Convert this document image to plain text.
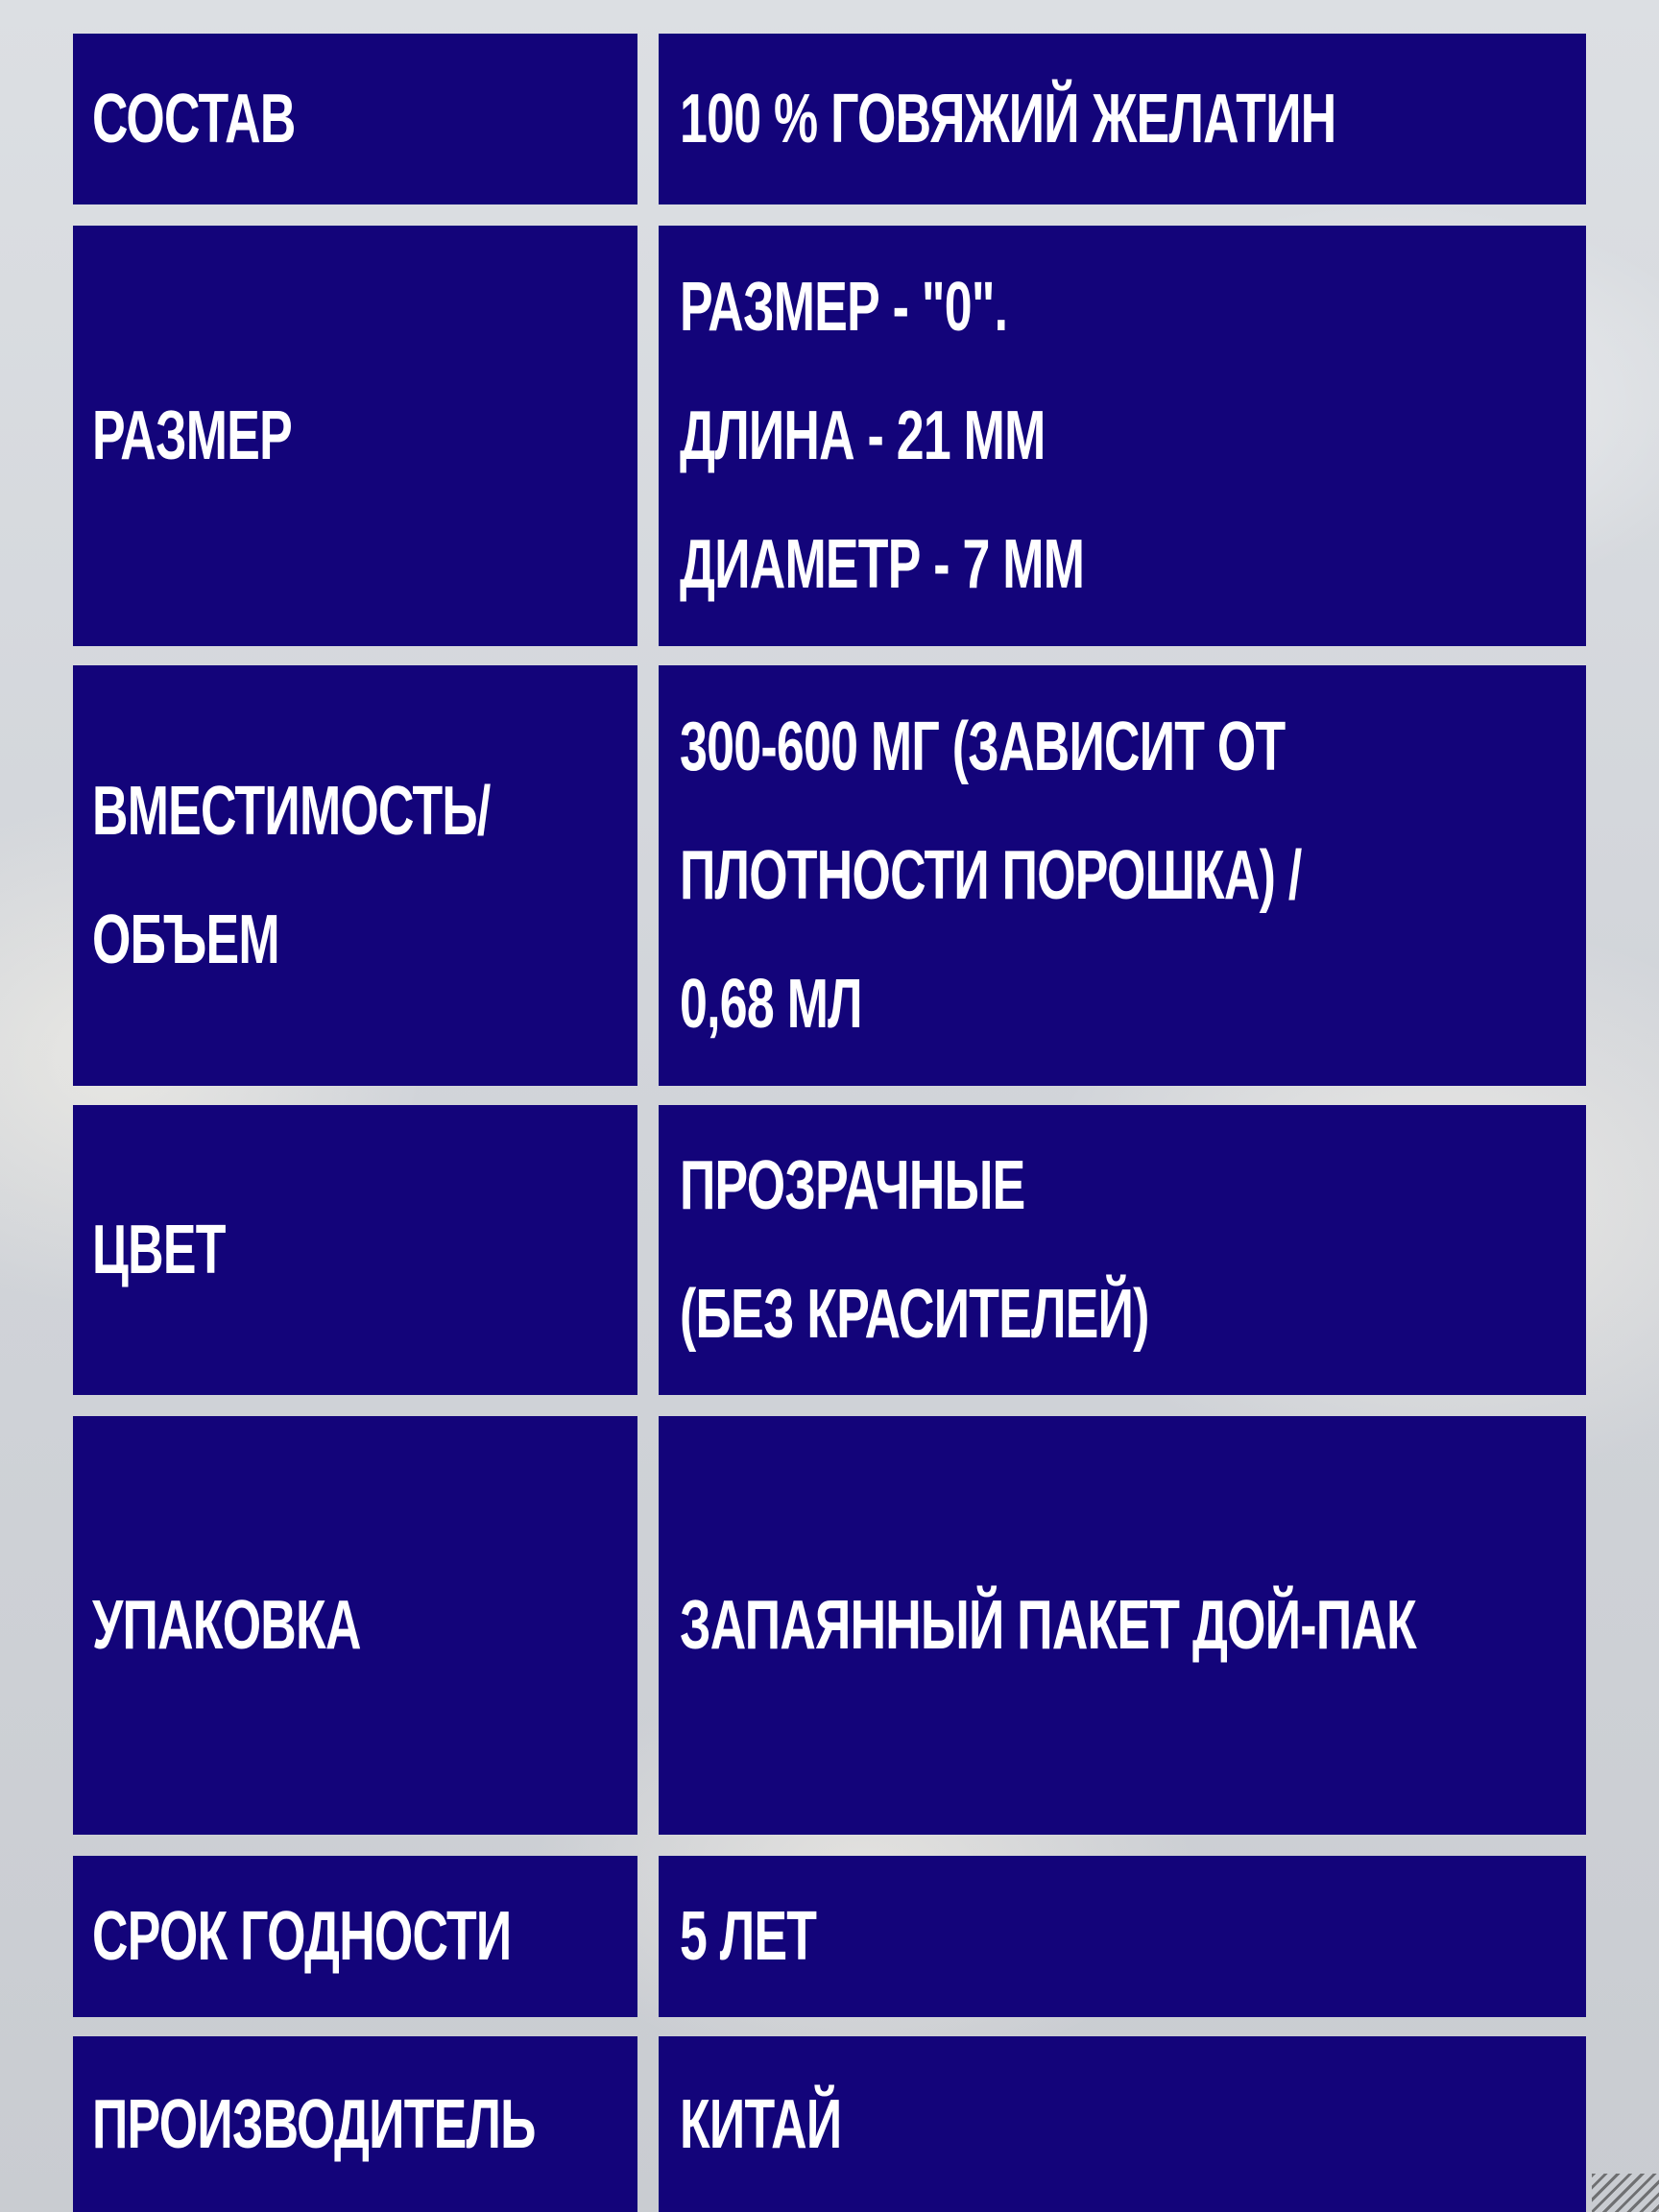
СОСТАВ	100 % ГОВЯЖИЙ ЖЕЛАТИН
РАЗМЕР
РАЗМЕР - "0".
ДЛИНА - 21 ММ
ДИАМЕТР - 7 ММ
ВМЕСТИМОСТЬ/
ОБЪЕМ
300-600 МГ (ЗАВИСИТ ОТ
ПЛОТНОСТИ ПОРОШКА) /
0,68 МЛ
ЦВЕТ
ПРОЗРАЧНЫЕ
(БЕЗ КРАСИТЕЛЕЙ)
УПАКОВКА	ЗАПАЯННЫЙ ПАКЕТ ДОЙ-ПАК
СРОК ГОДНОСТИ 5 ЛЕТ
ПРОИЗВОДИТЕЛЬ КИТАЙ
